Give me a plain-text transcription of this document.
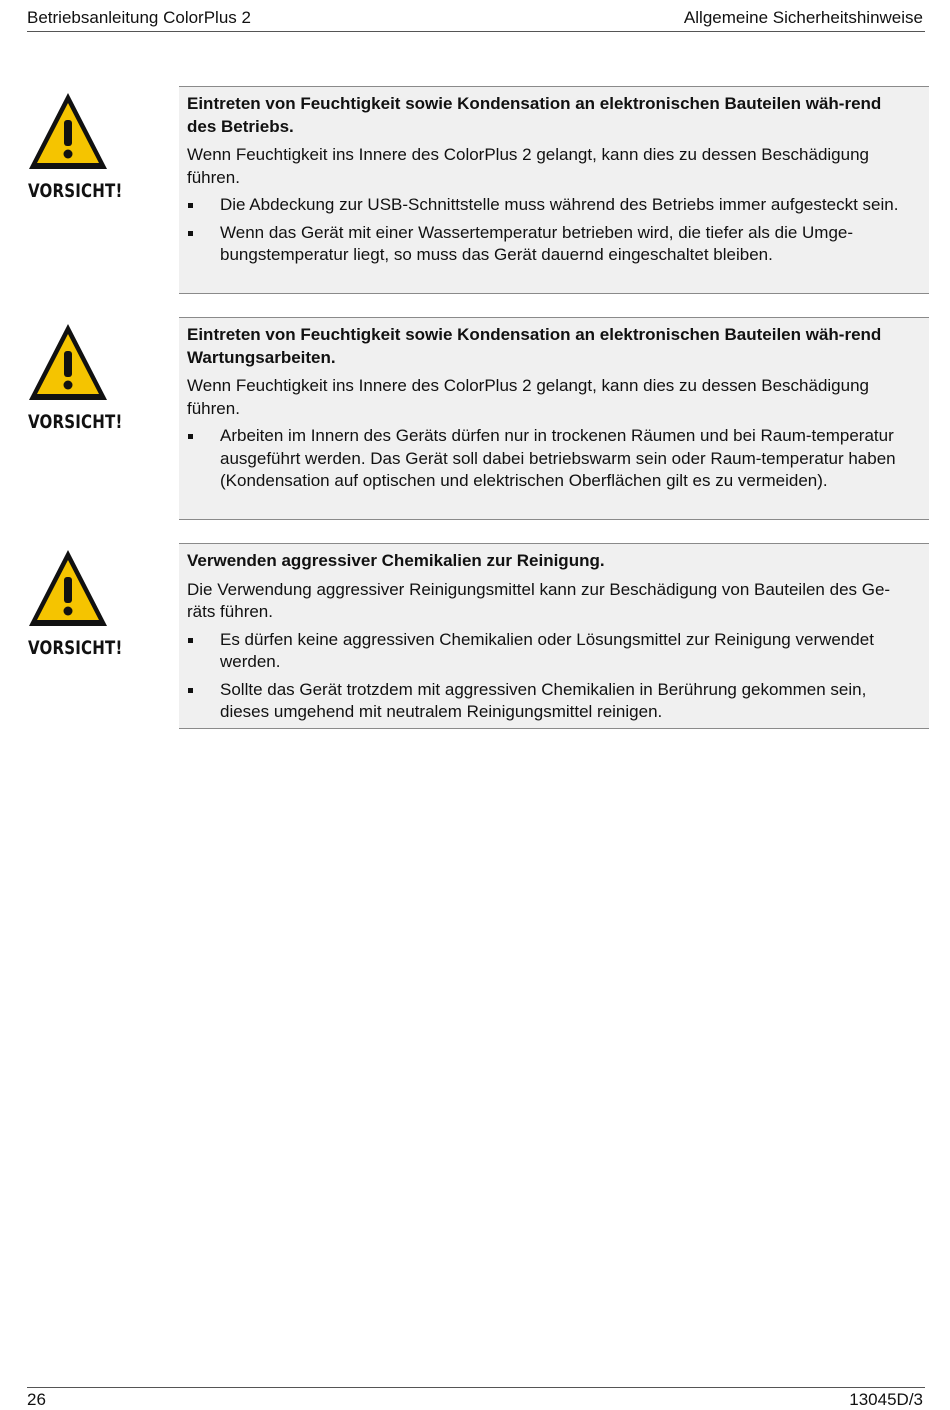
Betriebsanleitung ColorPlus 2	Allgemeine Sicherheitshinweise
VORSICHT!

Eintreten von Feuchtigkeit sowie Kondensation an elektronischen Bauteilen wäh-rend des Betriebs.

Wenn Feuchtigkeit ins Innere des ColorPlus 2 gelangt, kann dies zu dessen Beschädigung führen.

Die Abdeckung zur USB-Schnittstelle muss während des Betriebs immer aufgesteckt sein.
Wenn das Gerät mit einer Wassertemperatur betrieben wird, die tiefer als die Umge-bungstemperatur liegt, so muss das Gerät dauernd eingeschaltet bleiben.
VORSICHT!

Eintreten von Feuchtigkeit sowie Kondensation an elektronischen Bauteilen wäh-rend Wartungsarbeiten.

Wenn Feuchtigkeit ins Innere des ColorPlus 2 gelangt, kann dies zu dessen Beschädigung führen.

Arbeiten im Innern des Geräts dürfen nur in trockenen Räumen und bei Raum-temperatur ausgeführt werden. Das Gerät soll dabei betriebswarm sein oder Raum-temperatur haben (Kondensation auf optischen und elektrischen Oberflächen gilt es zu vermeiden).
VORSICHT!

Verwenden aggressiver Chemikalien zur Reinigung.

Die Verwendung aggressiver Reinigungsmittel kann zur Beschädigung von Bauteilen des Ge-räts führen.

Es dürfen keine aggressiven Chemikalien oder Lösungsmittel zur Reinigung verwendet werden.
Sollte das Gerät trotzdem mit aggressiven Chemikalien in Berührung gekommen sein, dieses umgehend mit neutralem Reinigungsmittel reinigen.
26	13045D/3
